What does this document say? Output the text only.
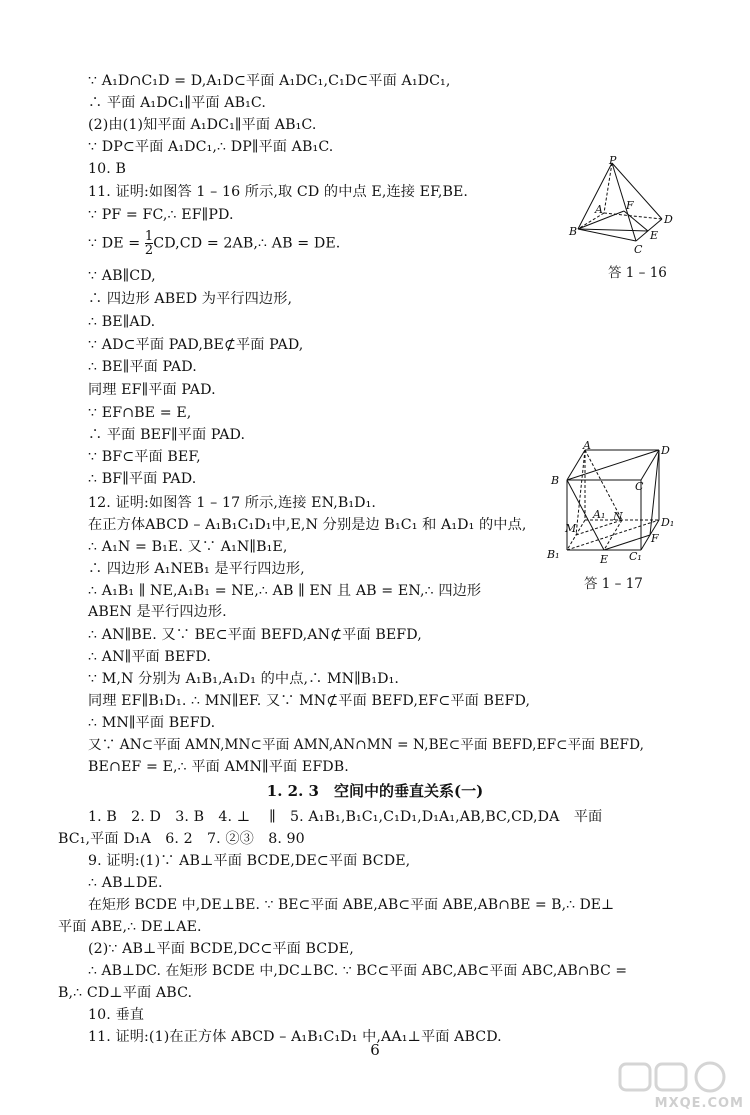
∵ A₁D∩C₁D = D,A₁D⊂平面 A₁DC₁,C₁D⊂平面 A₁DC₁,

∴ 平面 A₁DC₁∥平面 AB₁C.

(2)由(1)知平面 A₁DC₁∥平面 AB₁C.

∵ DP⊂平面 A₁DC₁,∴ DP∥平面 AB₁C.

10. B

11. 证明:如图答 1 – 16 所示,取 CD 的中点 E,连接 EF,BE.

∵ PF = FC,∴ EF∥PD.

∵ DE = $\frac{1}{2} CD,CD$ = 2AB,∴ AB = DE.

∵ AB∥CD,

∴ 四边形 ABED 为平行四边形,

∴ BE∥AD.

∵ AD⊂平面 PAD,BE⊄平面 PAD,

∴ BE∥平面 PAD.

同理 EF∥平面 PAD.

∵ EF∩BE = E,

∴ 平面 BEF∥平面 PAD.

∵ BF⊂平面 BEF,

∴ BF∥平面 PAD.

12. 证明:如图答 1 – 17 所示,连接 EN,B₁D₁.

在正方体ABCD – A₁B₁C₁D₁中,E,N 分别是边 B₁C₁ 和 A₁D₁ 的中点,

∴ A₁N = B₁E. 又∵ A₁N∥B₁E,

∴ 四边形 A₁NEB₁ 是平行四边形,

∴ A₁B₁ ∥ NE,A₁B₁ = NE,∴ AB ∥ EN 且 AB = EN,∴ 四边形

ABEN 是平行四边形.

∴ AN∥BE. 又∵ BE⊂平面 BEFD,AN⊄平面 BEFD,

∴ AN∥平面 BEFD.

∵ M,N 分别为 A₁B₁,A₁D₁ 的中点,∴ MN∥B₁D₁.

同理 EF∥B₁D₁. ∴ MN∥EF. 又∵ MN⊄平面 BEFD,EF⊂平面 BEFD,

∴ MN∥平面 BEFD.

又∵ AN⊂平面 AMN,MN⊂平面 AMN,AN∩MN = N,BE⊂平面 BEFD,EF⊂平面 BEFD,

BE∩EF = E,∴ 平面 AMN∥平面 EFDB.

1. 2. 3　空间中的垂直关系(一)

1. B　2. D　3. B　4. ⊥　 ∥　5. A₁B₁,B₁C₁,C₁D₁,D₁A₁,AB,BC,CD,DA　平面

BC₁,平面 D₁A　6. 2　7. ②③　8. 90

9. 证明:(1)∵ AB⊥平面 BCDE,DE⊂平面 BCDE,

∴ AB⊥DE.

在矩形 BCDE 中,DE⊥BE. ∵ BE⊂平面 ABE,AB⊂平面 ABE,AB∩BE = B,∴ DE⊥

平面 ABE,∴ DE⊥AE.

(2)∵ AB⊥平面 BCDE,DC⊂平面 BCDE,

∴ AB⊥DC. 在矩形 BCDE 中,DC⊥BC. ∵ BC⊂平面 ABC,AB⊂平面 ABC,AB∩BC =

B,∴ CD⊥平面 ABC.

10. 垂直

11. 证明:(1)在正方体 ABCD – A₁B₁C₁D₁ 中,AA₁⊥平面 ABCD.

P
A F
D
B	E
C
答 1 – 16
A	D
B	C
A₁ N
M	D₁
F
B₁	E C₁
答 1 – 17
6
MXQE.COM
